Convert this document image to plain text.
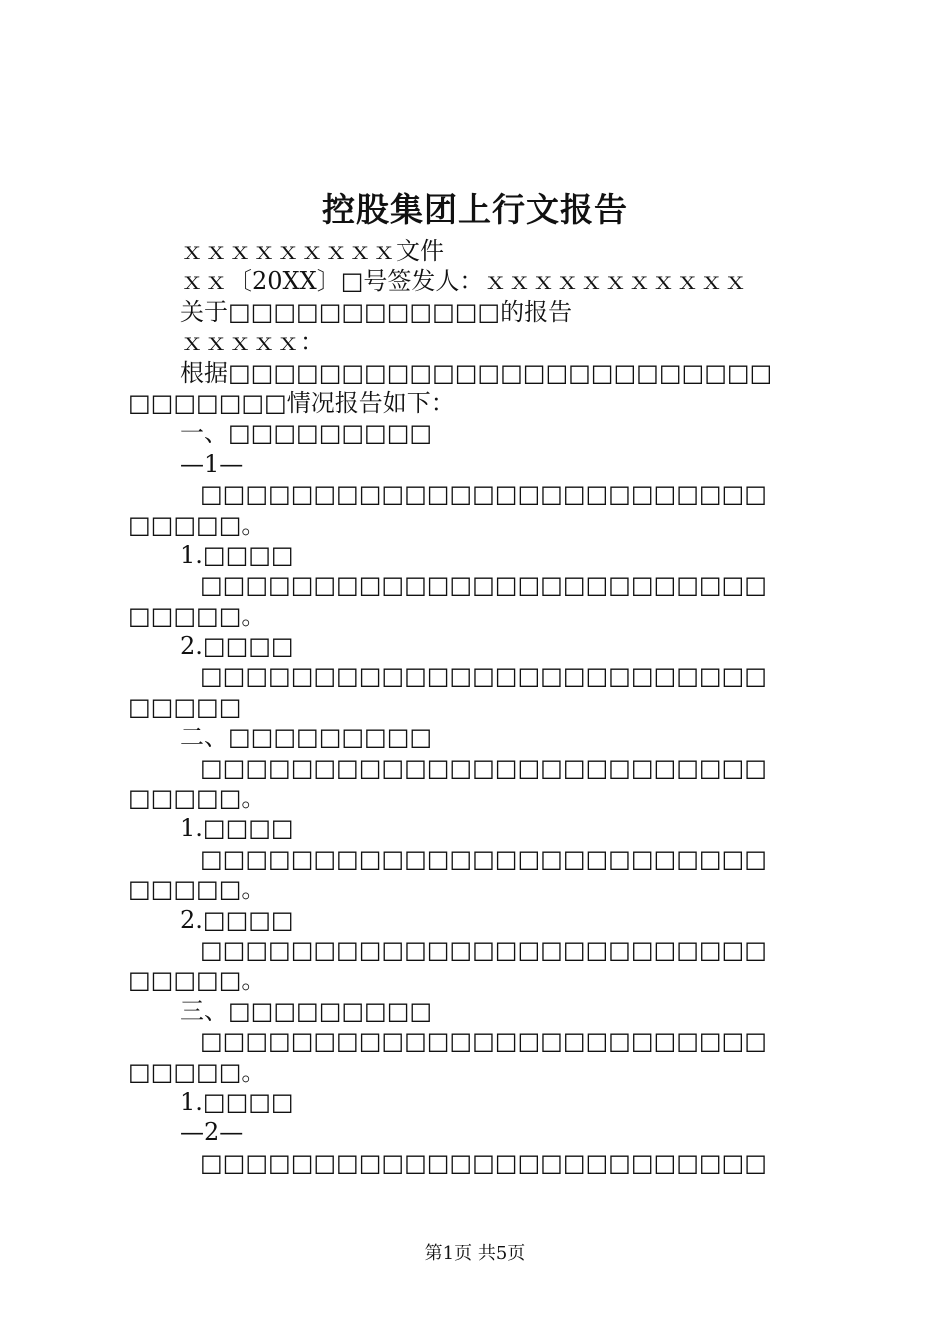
控股集团上行文报告
ｘｘｘｘｘｘｘｘｘ文件
ｘｘ〔20XX〕□号签发人：ｘｘｘｘｘｘｘｘｘｘｘ
关于□□□□□□□□□□□□的报告
ｘｘｘｘｘ：
根据□□□□□□□□□□□□□□□□□□□□□□□□
□□□□□□□情况报告如下：
一、□□□□□□□□□
—1—
□□□□□□□□□□□□□□□□□□□□□□□□□
□□□□□。
1.□□□□
□□□□□□□□□□□□□□□□□□□□□□□□□
□□□□□。
2.□□□□
□□□□□□□□□□□□□□□□□□□□□□□□□
□□□□□
二、□□□□□□□□□
□□□□□□□□□□□□□□□□□□□□□□□□□
□□□□□。
1.□□□□
□□□□□□□□□□□□□□□□□□□□□□□□□
□□□□□。
2.□□□□
□□□□□□□□□□□□□□□□□□□□□□□□□
□□□□□。
三、□□□□□□□□□
□□□□□□□□□□□□□□□□□□□□□□□□□
□□□□□。
1.□□□□
—2—
□□□□□□□□□□□□□□□□□□□□□□□□□
第1页 共5页
